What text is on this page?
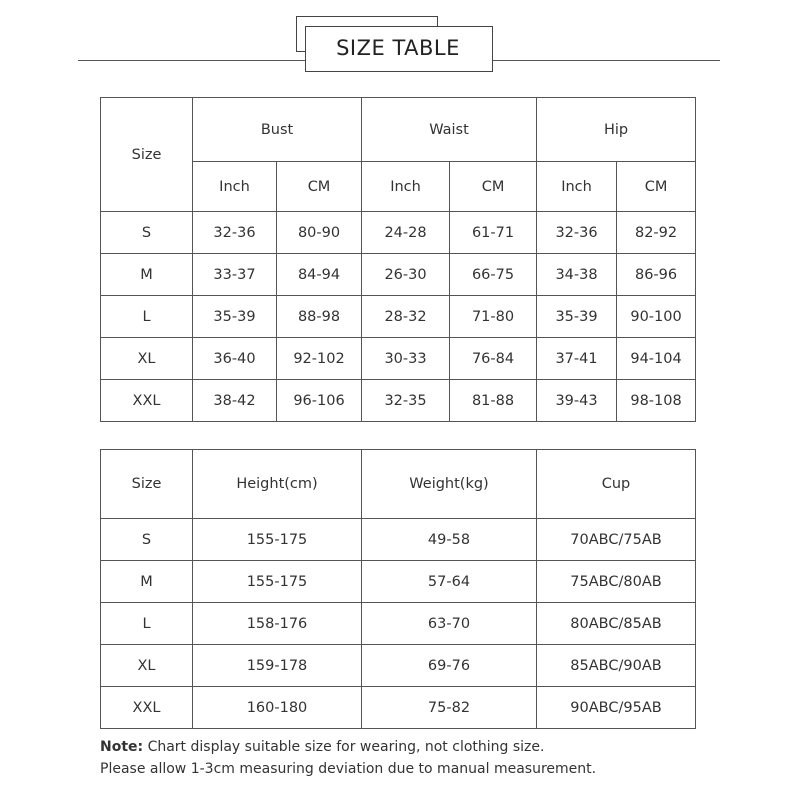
SIZE TABLE
Size	Bust		Waist		Hip	
	Inch	CM	Inch	CM	Inch	CM
S	32-36	80-90	24-28	61-71	32-36	82-92
M	33-37	84-94	26-30	66-75	34-38	86-96
L	35-39	88-98	28-32	71-80	35-39	90-100
XL	36-40	92-102	30-33	76-84	37-41	94-104
XXL	38-42	96-106	32-35	81-88	39-43	98-108
Size	Height(cm)	Weight(kg)	Cup
S	155-175	49-58	70ABC/75AB
M	155-175	57-64	75ABC/80AB
L	158-176	63-70	80ABC/85AB
XL	159-178	69-76	85ABC/90AB
XXL	160-180	75-82	90ABC/95AB
Note: Chart display suitable size for wearing, not clothing size.
Please allow 1-3cm measuring deviation due to manual measurement.
